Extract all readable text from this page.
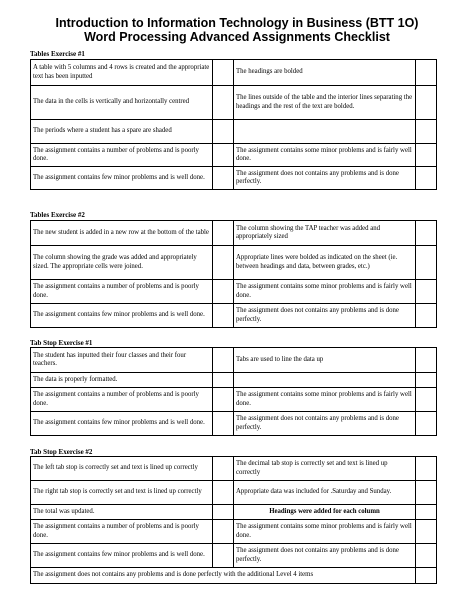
Introduction to Information Technology in Business (BTT 1O)
Word Processing Advanced Assignments Checklist
Tables Exercise #1
A table with 5 columns and 4 rows is created and the appropriate text has been inputted		The headings are bolded	
The data in the cells is vertically and horizontally centred		The lines outside of the table and the interior lines separating the headings and the rest of the text are bolded.	
The periods where a student has a spare are shaded			
The assignment contains a number of problems and is poorly done.		The assignment contains some minor problems and is fairly well done.	
The assignment contains few minor problems and is well done.		The assignment does not contains any problems and is done perfectly.	
Tables Exercise #2
The new student is added in a new row at the bottom of the table		The column showing the TAP teacher was added and appropriately sized	
The column showing the grade was added and appropriately sized. The appropriate cells were joined.		Appropriate lines were bolded as indicated on the sheet (ie. between headings and data, between grades, etc.)	
The assignment contains a number of problems and is poorly done.		The assignment contains some minor problems and is fairly well done.	
The assignment contains few minor problems and is well done.		The assignment does not contains any problems and is done perfectly.	
Tab Stop Exercise #1
The student has inputted their four classes and their four teachers.		Tabs are used to line the data up	
The data is properly formatted.			
The assignment contains a number of problems and is poorly done.		The assignment contains some minor problems and is fairly well done.	
The assignment contains few minor problems and is well done.		The assignment does not contains any problems and is done perfectly.	
Tab Stop Exercise #2
The left tab stop is correctly set and text is lined up correctly		The decimal tab stop is correctly set and text is lined up correctly	
The right tab stop is correctly set and text is lined up correctly		Appropriate data was included for .Saturday and Sunday.	
The total was updated.		Headings were added for each column	
The assignment contains a number of problems and is poorly done.		The assignment contains some minor problems and is fairly well done.	
The assignment contains few minor problems and is well done.		The assignment does not contains any problems and is done perfectly.	
The assignment does not contains any problems and is done perfectly with the additional Level 4 items			
